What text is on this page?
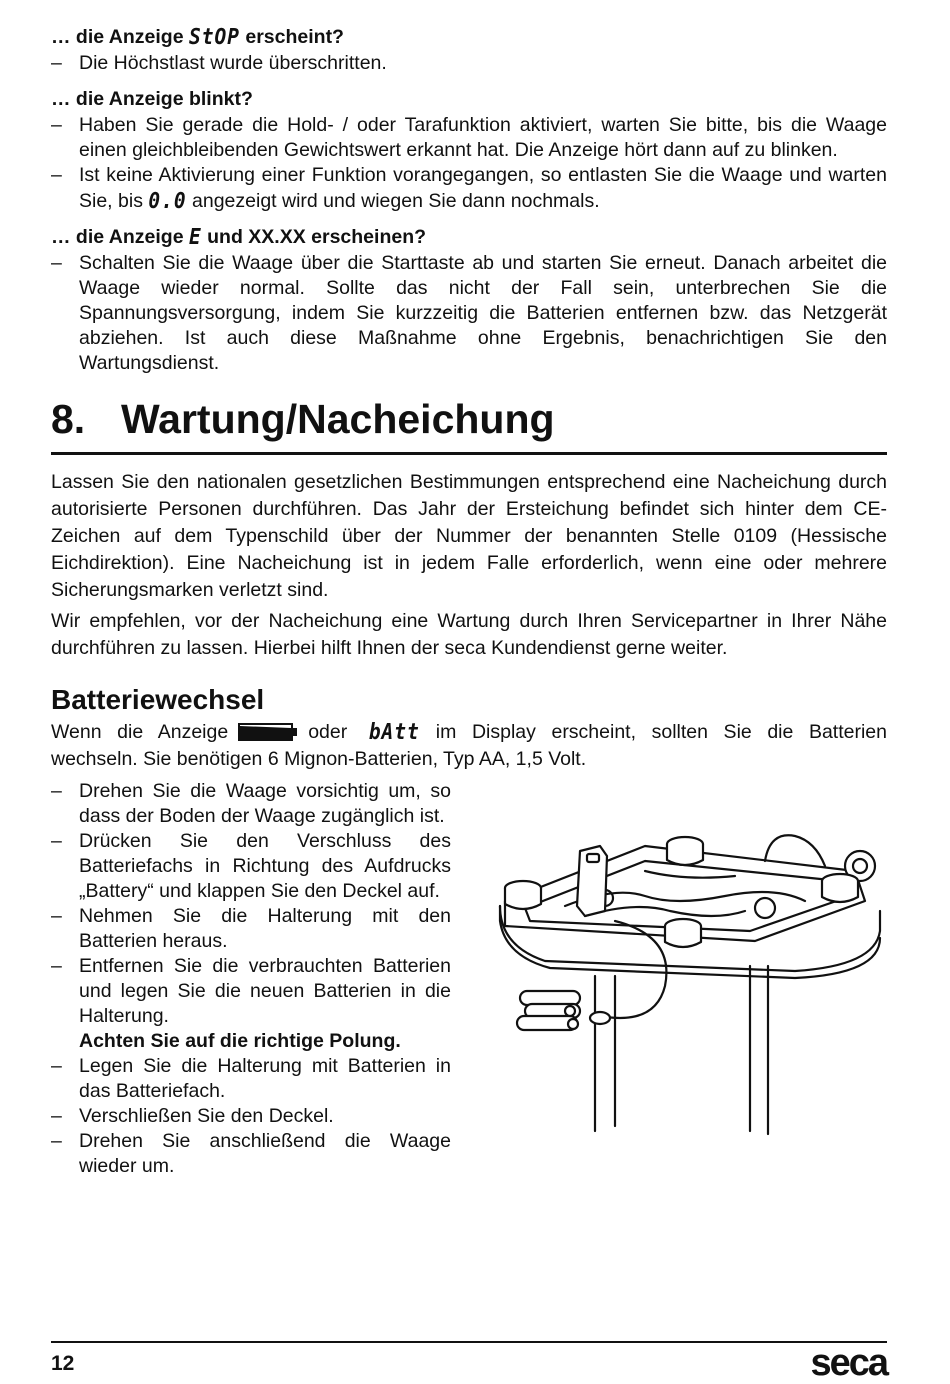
… die Anzeige StOP erscheint?

– Die Höchstlast wurde überschritten.

… die Anzeige blinkt?

– Haben Sie gerade die Hold- / oder Tarafunktion aktiviert, warten Sie bitte, bis die Waage einen gleichbleibenden Gewichtswert erkannt hat. Die Anzeige hört dann auf zu blinken.
– Ist keine Aktivierung einer Funktion vorangegangen, so entlasten Sie die Waage und warten Sie, bis 0.0 angezeigt wird und wiegen Sie dann nochmals.

… die Anzeige E und XX.XX erscheinen?

– Schalten Sie die Waage über die Starttaste ab und starten Sie erneut. Danach arbeitet die Waage wieder normal. Sollte das nicht der Fall sein, unterbrechen Sie die Spannungsversorgung, indem Sie kurzzeitig die Batterien entfernen bzw. das Netzgerät abziehen. Ist auch diese Maßnahme ohne Ergebnis, benachrichtigen Sie den Wartungsdienst.
8. Wartung/Nacheichung

Lassen Sie den nationalen gesetzlichen Bestimmungen entsprechend eine Nacheichung durch autorisierte Personen durchführen. Das Jahr der Ersteichung befindet sich hinter dem CE-Zeichen auf dem Typenschild über der Nummer der benannten Stelle 0109 (Hessische Eichdirektion). Eine Nacheichung ist in jedem Falle erforderlich, wenn eine oder mehrere Sicherungsmarken verletzt sind.

Wir empfehlen, vor der Nacheichung eine Wartung durch Ihren Servicepartner in Ihrer Nähe durchführen zu lassen. Hierbei hilft Ihnen der seca Kundendienst gerne weiter.

Batteriewechsel

Wenn die Anzeige	oder bAtt im Display erscheint, sollten Sie die Batterien wechseln. Sie benötigen 6 Mignon-Batterien, Typ AA, 1,5 Volt.

– Drehen Sie die Waage vorsichtig um, so dass der Boden der Waage zugänglich ist.
– Drücken Sie den Verschluss des Batteriefachs in Richtung des Aufdrucks „Battery“ und klappen Sie den Deckel auf.
– Nehmen Sie die Halterung mit den Batterien heraus.
– Entfernen Sie die verbrauchten Batterien und legen Sie die neuen Batterien in die Halterung.
Achten Sie auf die richtige Polung.
– Legen Sie die Halterung mit Batterien in das Batteriefach.
– Verschließen Sie den Deckel.
– Drehen Sie anschließend die Waage wieder um.
12	seca
